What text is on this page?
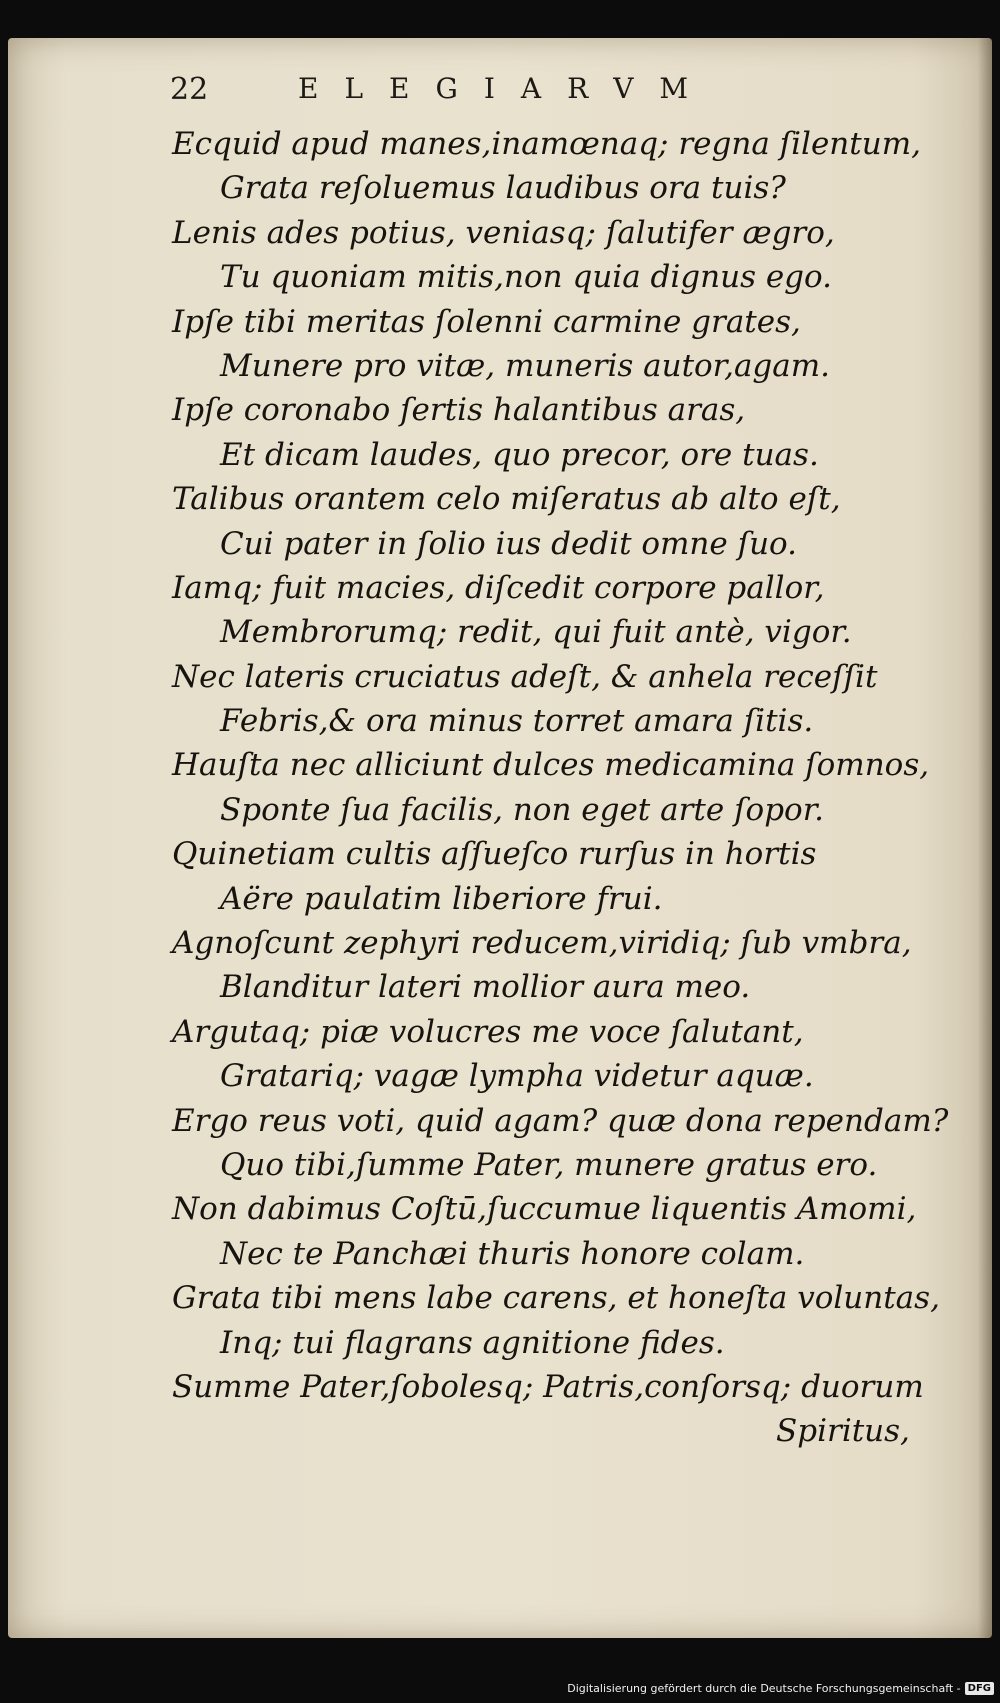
22	ELEGIARVM
Ecquid apud manes,inamœnaq; regna ſilentum,
Grata reſoluemus laudibus ora tuis?
Lenis ades potius, veniasq; ſalutifer ægro,
Tu quoniam mitis,non quia dignus ego.
Ipſe tibi meritas ſolenni carmine grates,
Munere pro vitæ, muneris autor,agam.
Ipſe coronabo ſertis halantibus aras,
Et dicam laudes, quo precor, ore tuas.
Talibus orantem celo miſeratus ab alto eſt,
Cui pater in ſolio ius dedit omne ſuo.
Iamq; fuit macies, diſcedit corpore pallor,
Membrorumq; redit, qui fuit antè, vigor.
Nec lateris cruciatus adeſt, & anhela receſſit
Febris,& ora minus torret amara ſitis.
Hauſta nec alliciunt dulces medicamina ſomnos,
Sponte ſua facilis, non eget arte ſopor.
Quinetiam cultis aſſueſco rurſus in hortis
Aëre paulatim liberiore frui.
Agnoſcunt zephyri reducem,viridiq; ſub vmbra,
Blanditur lateri mollior aura meo.
Argutaq; piæ volucres me voce ſalutant,
Gratariq; vagæ lympha videtur aquæ.
Ergo reus voti, quid agam? quæ dona rependam?
Quo tibi,ſumme Pater, munere gratus ero.
Non dabimus Coſtū,ſuccumue liquentis Amomi,
Nec te Panchæi thuris honore colam.
Grata tibi mens labe carens, et honeſta voluntas,
Inq; tui flagrans agnitione fides.
Summe Pater,ſobolesq; Patris,conſorsq; duorum
Spiritus,
Digitalisierung gefördert durch die Deutsche Forschungsgemeinschaft - DFG
